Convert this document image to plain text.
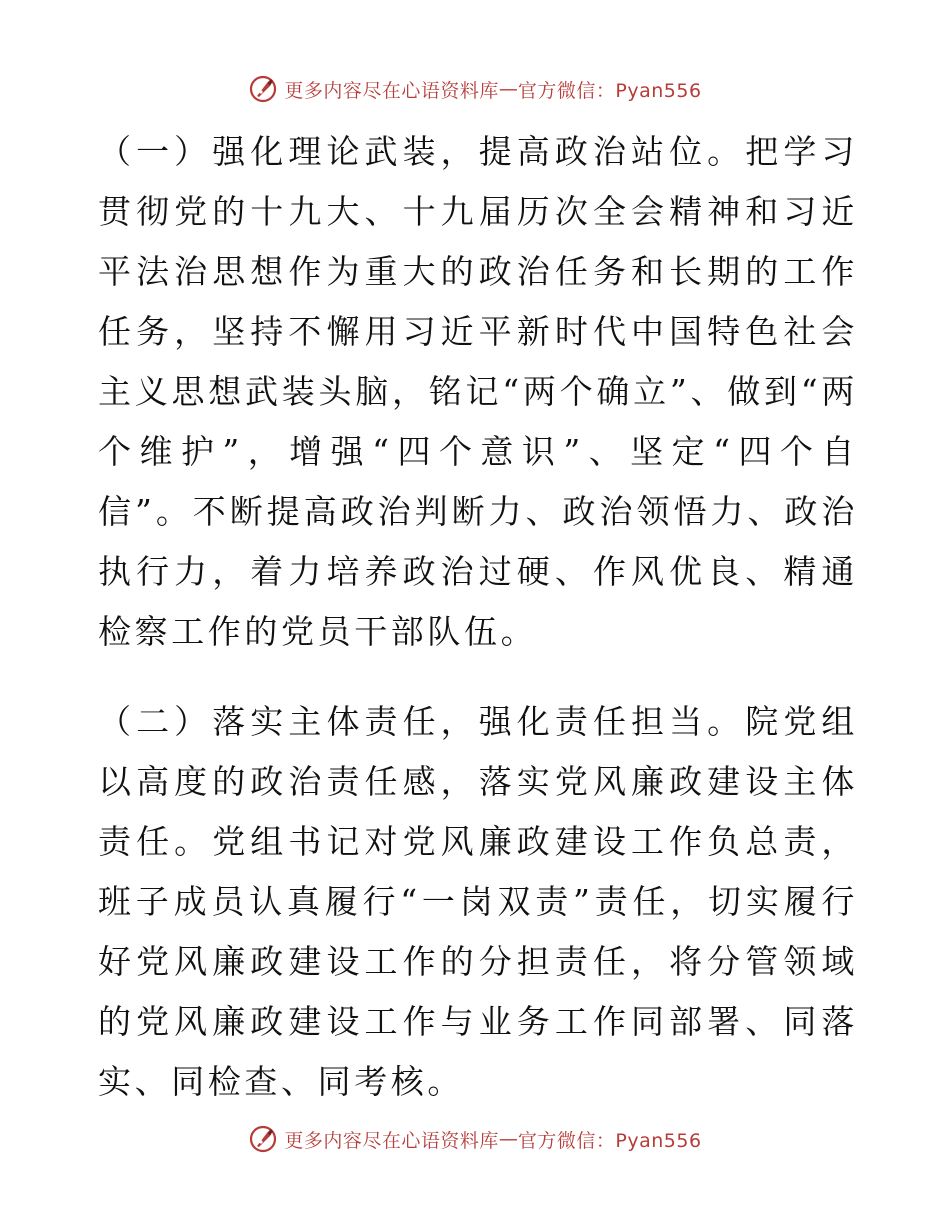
更多内容尽在心语资料库 — 官方微信：Pyan556

（一）强化理论武装，提高政治站位。把学习贯彻党的十九大、十九届历次全会精神和习近平法治思想作为重大的政治任务和长期的工作任务，坚持不懈用习近平新时代中国特色社会主义思想武装头脑，铭记“两个确立”、做到“两个维护”，增强“四个意识”、坚定“四个自信”。不断提高政治判断力、政治领悟力、政治执行力，着力培养政治过硬、作风优良、精通检察工作的党员干部队伍。

（二）落实主体责任，强化责任担当。院党组以高度的政治责任感，落实党风廉政建设主体责任。党组书记对党风廉政建设工作负总责，班子成员认真履行“一岗双责”责任，切实履行好党风廉政建设工作的分担责任，将分管领域的党风廉政建设工作与业务工作同部署、同落实、同检查、同考核。

更多内容尽在心语资料库 — 官方微信：Pyan556
